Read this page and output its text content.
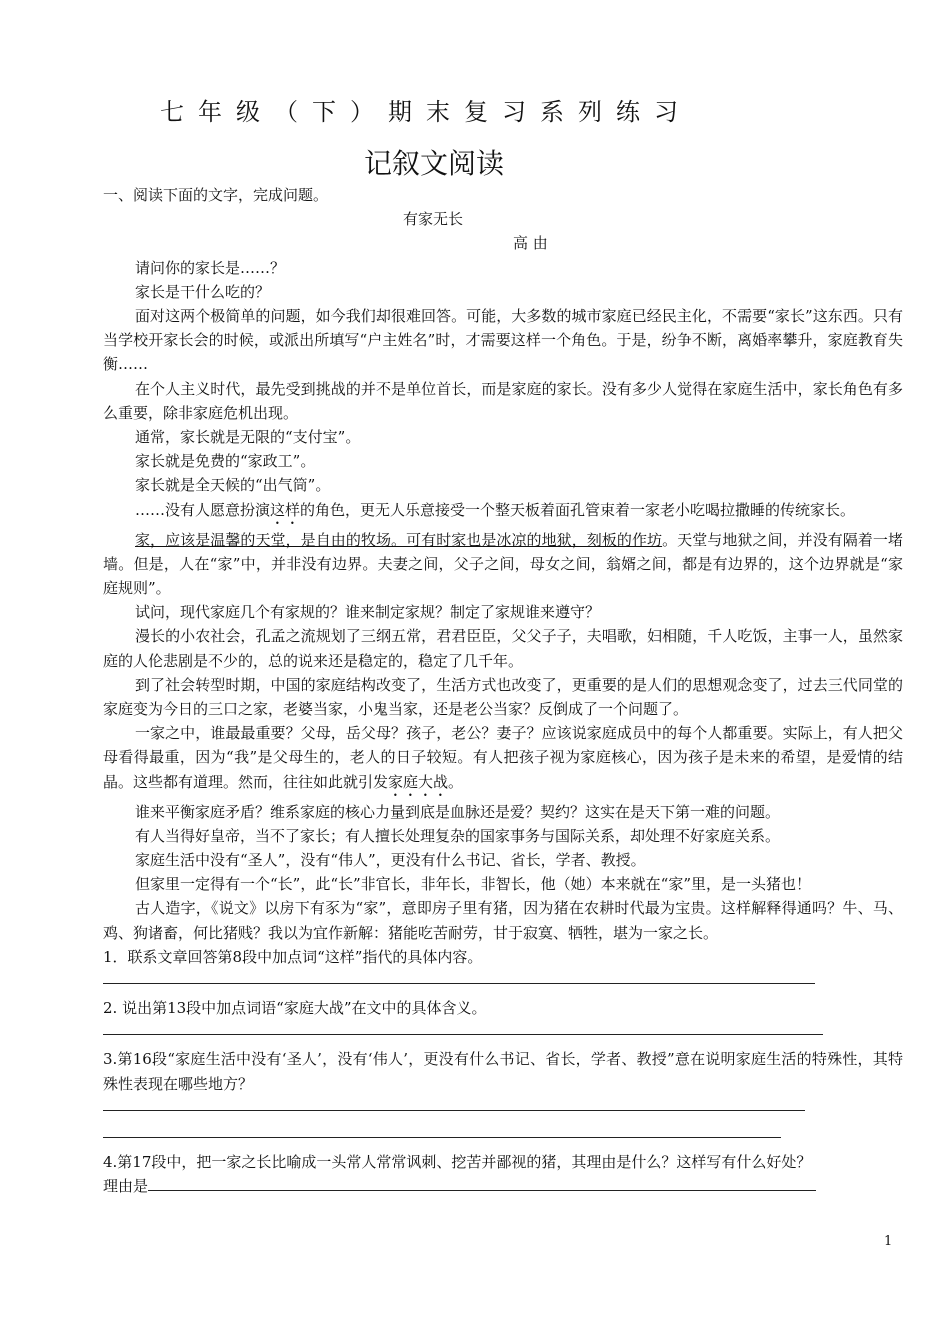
七年级（下）期末复习系列练习
记叙文阅读

一、阅读下面的文字，完成问题。

有家无长

高 由

请问你的家长是……？

家长是干什么吃的？

面对这两个极简单的问题，如今我们却很难回答。可能，大多数的城市家庭已经民主化，不需要“家长”这东西。只有当学校开家长会的时候，或派出所填写“户主姓名”时，才需要这样一个角色。于是，纷争不断，离婚率攀升，家庭教育失衡……

在个人主义时代，最先受到挑战的并不是单位首长，而是家庭的家长。没有多少人觉得在家庭生活中，家长角色有多么重要，除非家庭危机出现。

通常，家长就是无限的“支付宝”。

家长就是免费的“家政工”。

家长就是全天候的“出气筒”。

……没有人愿意扮演这样的角色，更无人乐意接受一个整天板着面孔管束着一家老小吃喝拉撒睡的传统家长。

家，应该是温馨的天堂，是自由的牧场。可有时家也是冰凉的地狱，刻板的作坊。天堂与地狱之间，并没有隔着一堵墙。但是，人在“家”中，并非没有边界。夫妻之间，父子之间，母女之间，翁婿之间，都是有边界的，这个边界就是“家庭规则”。

试问，现代家庭几个有家规的？谁来制定家规？制定了家规谁来遵守？

漫长的小农社会，孔孟之流规划了三纲五常，君君臣臣，父父子子，夫唱歌，妇相随，千人吃饭，主事一人，虽然家庭的人伦悲剧是不少的，总的说来还是稳定的，稳定了几千年。

到了社会转型时期，中国的家庭结构改变了，生活方式也改变了，更重要的是人们的思想观念变了，过去三代同堂的家庭变为今日的三口之家，老婆当家，小鬼当家，还是老公当家？反倒成了一个问题了。

一家之中，谁最最重要？父母，岳父母？孩子，老公？妻子？应该说家庭成员中的每个人都重要。实际上，有人把父母看得最重，因为“我”是父母生的，老人的日子较短。有人把孩子视为家庭核心，因为孩子是未来的希望，是爱情的结晶。这些都有道理。然而，往往如此就引发家庭大战。

谁来平衡家庭矛盾？维系家庭的核心力量到底是血脉还是爱？契约？这实在是天下第一难的问题。

有人当得好皇帝，当不了家长；有人擅长处理复杂的国家事务与国际关系，却处理不好家庭关系。

家庭生活中没有“圣人”，没有“伟人”，更没有什么书记、省长，学者、教授。

但家里一定得有一个“长”，此“长”非官长，非年长，非智长，他（她）本来就在“家”里，是一头猪也！

古人造字，《说文》以房下有豕为“家”，意即房子里有猪，因为猪在农耕时代最为宝贵。这样解释得通吗？牛、马、鸡、狗诸畜，何比猪贱？我以为宜作新解：猪能吃苦耐劳，甘于寂寞、牺牲，堪为一家之长。

1．联系文章回答第8段中加点词“这样”指代的具体内容。

2. 说出第13段中加点词语“家庭大战”在文中的具体含义。

3.第16段“家庭生活中没有‘圣人’，没有‘伟人’，更没有什么书记、省长，学者、教授”意在说明家庭生活的特殊性，其特殊性表现在哪些地方？

4.第17段中，把一家之长比喻成一头常人常常讽刺、挖苦并鄙视的猪，其理由是什么？这样写有什么好处？

理由是

1
